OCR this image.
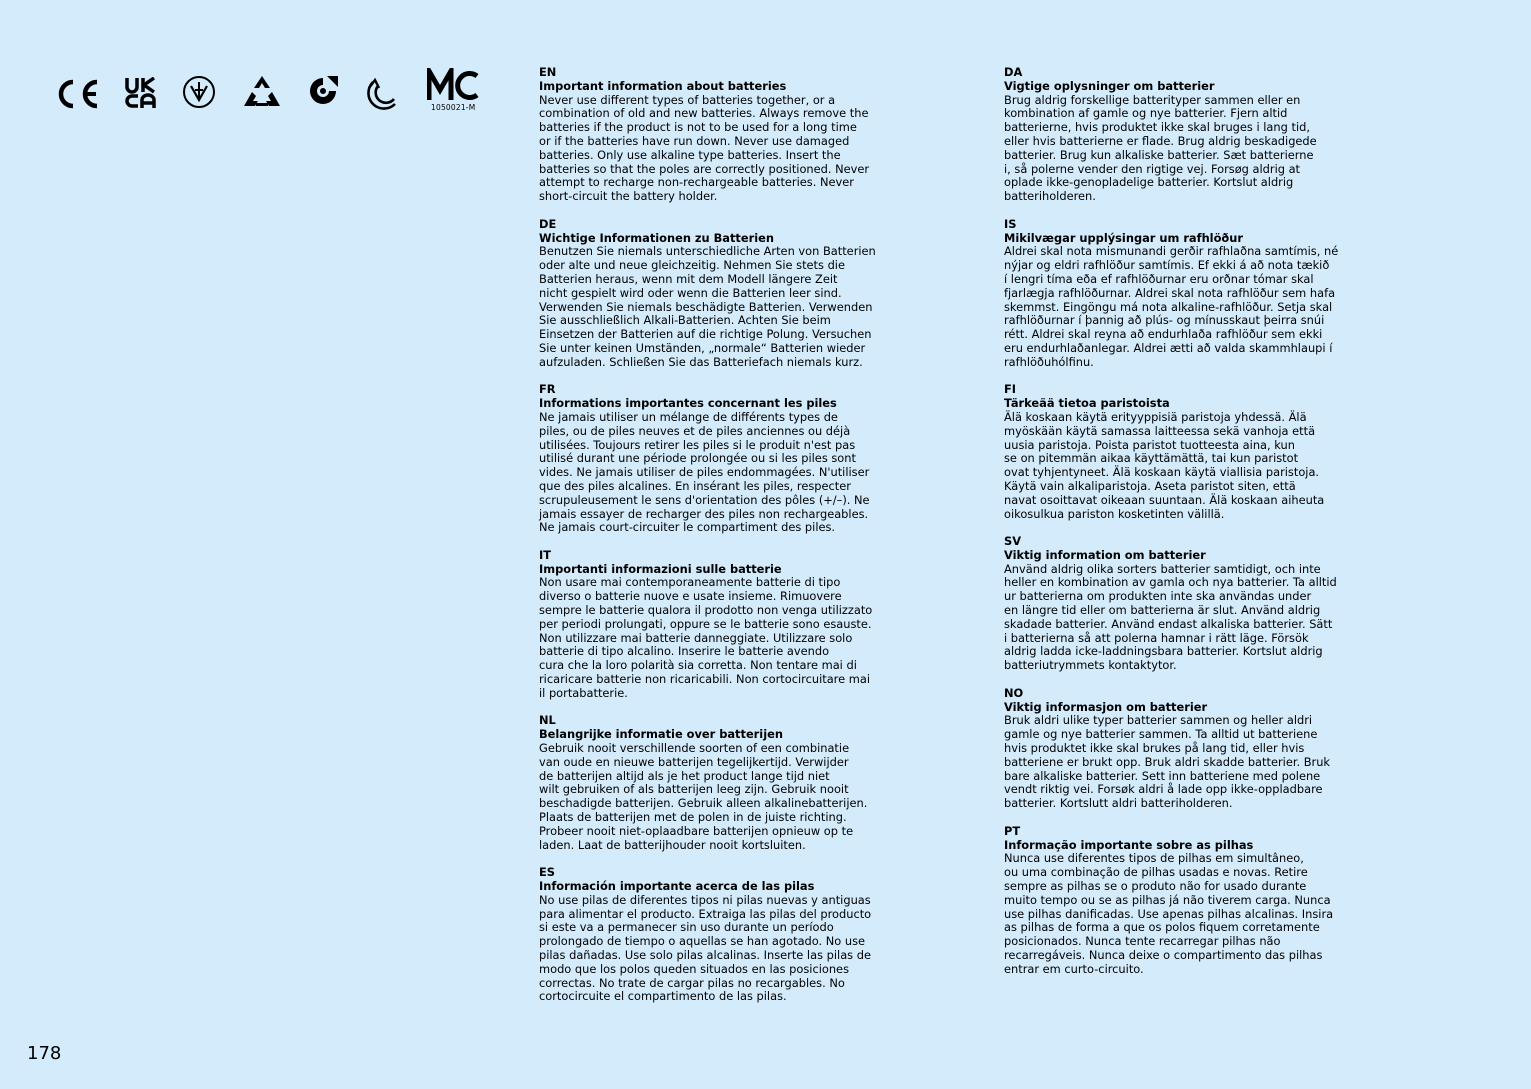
1050021-M
EN
Important information about batteries
Never use different types of batteries together, or a
combination of old and new batteries. Always remove the
batteries if the product is not to be used for a long time
or if the batteries have run down. Never use damaged
batteries. Only use alkaline type batteries. Insert the
batteries so that the poles are correctly positioned. Never
attempt to recharge non-rechargeable batteries. Never
short-circuit the battery holder.
DE
Wichtige Informationen zu Batterien
Benutzen Sie niemals unterschiedliche Arten von Batterien
oder alte und neue gleichzeitig. Nehmen Sie stets die
Batterien heraus, wenn mit dem Modell längere Zeit
nicht gespielt wird oder wenn die Batterien leer sind.
Verwenden Sie niemals beschädigte Batterien. Verwenden
Sie ausschließlich Alkali-Batterien. Achten Sie beim
Einsetzen der Batterien auf die richtige Polung. Versuchen
Sie unter keinen Umständen, „normale“ Batterien wieder
aufzuladen. Schließen Sie das Batteriefach niemals kurz.
FR
Informations importantes concernant les piles
Ne jamais utiliser un mélange de différents types de
piles, ou de piles neuves et de piles anciennes ou déjà
utilisées. Toujours retirer les piles si le produit n'est pas
utilisé durant une période prolongée ou si les piles sont
vides. Ne jamais utiliser de piles endommagées. N'utiliser
que des piles alcalines. En insérant les piles, respecter
scrupuleusement le sens d'orientation des pôles (+/–). Ne
jamais essayer de recharger des piles non rechargeables.
Ne jamais court-circuiter le compartiment des piles.
IT
Importanti informazioni sulle batterie
Non usare mai contemporaneamente batterie di tipo
diverso o batterie nuove e usate insieme. Rimuovere
sempre le batterie qualora il prodotto non venga utilizzato
per periodi prolungati, oppure se le batterie sono esauste.
Non utilizzare mai batterie danneggiate. Utilizzare solo
batterie di tipo alcalino. Inserire le batterie avendo
cura che la loro polarità sia corretta. Non tentare mai di
ricaricare batterie non ricaricabili. Non cortocircuitare mai
il portabatterie.
NL
Belangrijke informatie over batterijen
Gebruik nooit verschillende soorten of een combinatie
van oude en nieuwe batterijen tegelijkertijd. Verwijder
de batterijen altijd als je het product lange tijd niet
wilt gebruiken of als batterijen leeg zijn. Gebruik nooit
beschadigde batterijen. Gebruik alleen alkalinebatterijen.
Plaats de batterijen met de polen in de juiste richting.
Probeer nooit niet-oplaadbare batterijen opnieuw op te
laden. Laat de batterijhouder nooit kortsluiten.
ES
Información importante acerca de las pilas
No use pilas de diferentes tipos ni pilas nuevas y antiguas
para alimentar el producto. Extraiga las pilas del producto
si este va a permanecer sin uso durante un período
prolongado de tiempo o aquellas se han agotado. No use
pilas dañadas. Use solo pilas alcalinas. Inserte las pilas de
modo que los polos queden situados en las posiciones
correctas. No trate de cargar pilas no recargables. No
cortocircuite el compartimento de las pilas.
DA
Vigtige oplysninger om batterier
Brug aldrig forskellige batterityper sammen eller en
kombination af gamle og nye batterier. Fjern altid
batterierne, hvis produktet ikke skal bruges i lang tid,
eller hvis batterierne er flade. Brug aldrig beskadigede
batterier. Brug kun alkaliske batterier. Sæt batterierne
i, så polerne vender den rigtige vej. Forsøg aldrig at
oplade ikke-genopladelige batterier. Kortslut aldrig
batteriholderen.
IS
Mikilvægar upplýsingar um rafhlöður
Aldrei skal nota mismunandi gerðir rafhlaðna samtímis, né
nýjar og eldri rafhlöður samtímis. Ef ekki á að nota tækið
í lengri tíma eða ef rafhlöðurnar eru orðnar tómar skal
fjarlægja rafhlöðurnar. Aldrei skal nota rafhlöður sem hafa
skemmst. Eingöngu má nota alkaline-rafhlöður. Setja skal
rafhlöðurnar í þannig að plús- og mínusskaut þeirra snúi
rétt. Aldrei skal reyna að endurhlaða rafhlöður sem ekki
eru endurhlaðanlegar. Aldrei ætti að valda skammhlaupi í
rafhlöðuhólfinu.
FI
Tärkeää tietoa paristoista
Älä koskaan käytä erityyppisiä paristoja yhdessä. Älä
myöskään käytä samassa laitteessa sekä vanhoja että
uusia paristoja. Poista paristot tuotteesta aina, kun
se on pitemmän aikaa käyttämättä, tai kun paristot
ovat tyhjentyneet. Älä koskaan käytä viallisia paristoja.
Käytä vain alkaliparistoja. Aseta paristot siten, että
navat osoittavat oikeaan suuntaan. Älä koskaan aiheuta
oikosulkua pariston kosketinten välillä.
SV
Viktig information om batterier
Använd aldrig olika sorters batterier samtidigt, och inte
heller en kombination av gamla och nya batterier. Ta alltid
ur batterierna om produkten inte ska användas under
en längre tid eller om batterierna är slut. Använd aldrig
skadade batterier. Använd endast alkaliska batterier. Sätt
i batterierna så att polerna hamnar i rätt läge. Försök
aldrig ladda icke-laddningsbara batterier. Kortslut aldrig
batteriutrymmets kontaktytor.
NO
Viktig informasjon om batterier
Bruk aldri ulike typer batterier sammen og heller aldri
gamle og nye batterier sammen. Ta alltid ut batteriene
hvis produktet ikke skal brukes på lang tid, eller hvis
batteriene er brukt opp. Bruk aldri skadde batterier. Bruk
bare alkaliske batterier. Sett inn batteriene med polene
vendt riktig vei. Forsøk aldri å lade opp ikke-oppladbare
batterier. Kortslutt aldri batteriholderen.
PT
Informação importante sobre as pilhas
Nunca use diferentes tipos de pilhas em simultâneo,
ou uma combinação de pilhas usadas e novas. Retire
sempre as pilhas se o produto não for usado durante
muito tempo ou se as pilhas já não tiverem carga. Nunca
use pilhas danificadas. Use apenas pilhas alcalinas. Insira
as pilhas de forma a que os polos fiquem corretamente
posicionados. Nunca tente recarregar pilhas não
recarregáveis. Nunca deixe o compartimento das pilhas
entrar em curto-circuito.
178
